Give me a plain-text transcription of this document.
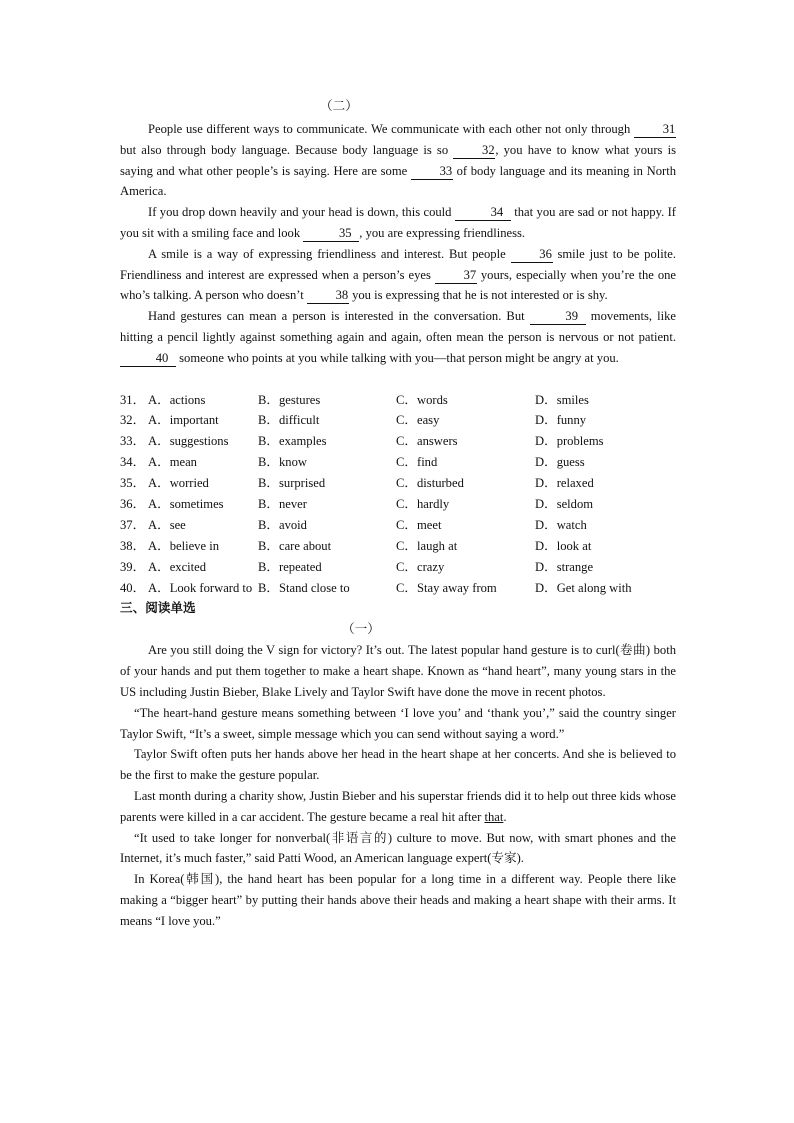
（二）
People use different ways to communicate. We communicate with each other not only through 31 but also through body language. Because body language is so 32, you have to know what yours is saying and what other people’s is saying. Here are some 33 of body language and its meaning in North America.
If you drop down heavily and your head is down, this could	34 that you are sad or not happy. If you sit with a smiling face and look	35 , you are expressing friendliness.
A smile is a way of expressing friendliness and interest. But people 36 smile just to be polite. Friendliness and interest are expressed when a person’s eyes 37 yours, especially when you’re the one who’s talking. A person who doesn’t 38 you is expressing that he is not interested or is shy.
Hand gestures can mean a person is interested in the conversation. But	39 movements, like hitting a pencil lightly against something again and again, often mean the person is nervous or not patient. 40 someone who points at you while talking with you—that person might be angry at you.
31． A．actions	B．gestures	C．words	D．smiles
32． A．important	B．difficult	C．easy	D．funny
33． A．suggestions	B．examples	C．answers	D．problems
34． A．mean	B．know	C．find	D．guess
35． A．worried	B．surprised	C．disturbed	D．relaxed
36． A．sometimes	B．never	C．hardly	D．seldom
37． A．see	B．avoid	C．meet	D．watch
38． A．believe in	B．care about	C．laugh at	D．look at
39． A．excited	B．repeated	C．crazy	D．strange
40． A．Look forward to B．Stand close to	C．Stay away from	D．Get along with
三、阅读单选
（一）
Are you still doing the V sign for victory? It’s out. The latest popular hand gesture is to curl(卷曲) both of your hands and put them together to make a heart shape. Known as “hand heart”, many young stars in the US including Justin Bieber, Blake Lively and Taylor Swift have done the move in recent photos.
“The heart-hand gesture means something between ‘I love you’ and ‘thank you’,” said the country singer Taylor Swift, “It’s a sweet, simple message which you can send without saying a word.”
Taylor Swift often puts her hands above her head in the heart shape at her concerts. And she is believed to be the first to make the gesture popular.
Last month during a charity show, Justin Bieber and his superstar friends did it to help out three kids whose parents were killed in a car accident. The gesture became a real hit after that.
“It used to take longer for nonverbal(非语言的) culture to move. But now, with smart phones and the Internet, it’s much faster,” said Patti Wood, an American language expert(专家).
In Korea(韩国), the hand heart has been popular for a long time in a different way. People there like making a “bigger heart” by putting their hands above their heads and making a heart shape with their arms. It means “I love you.”
